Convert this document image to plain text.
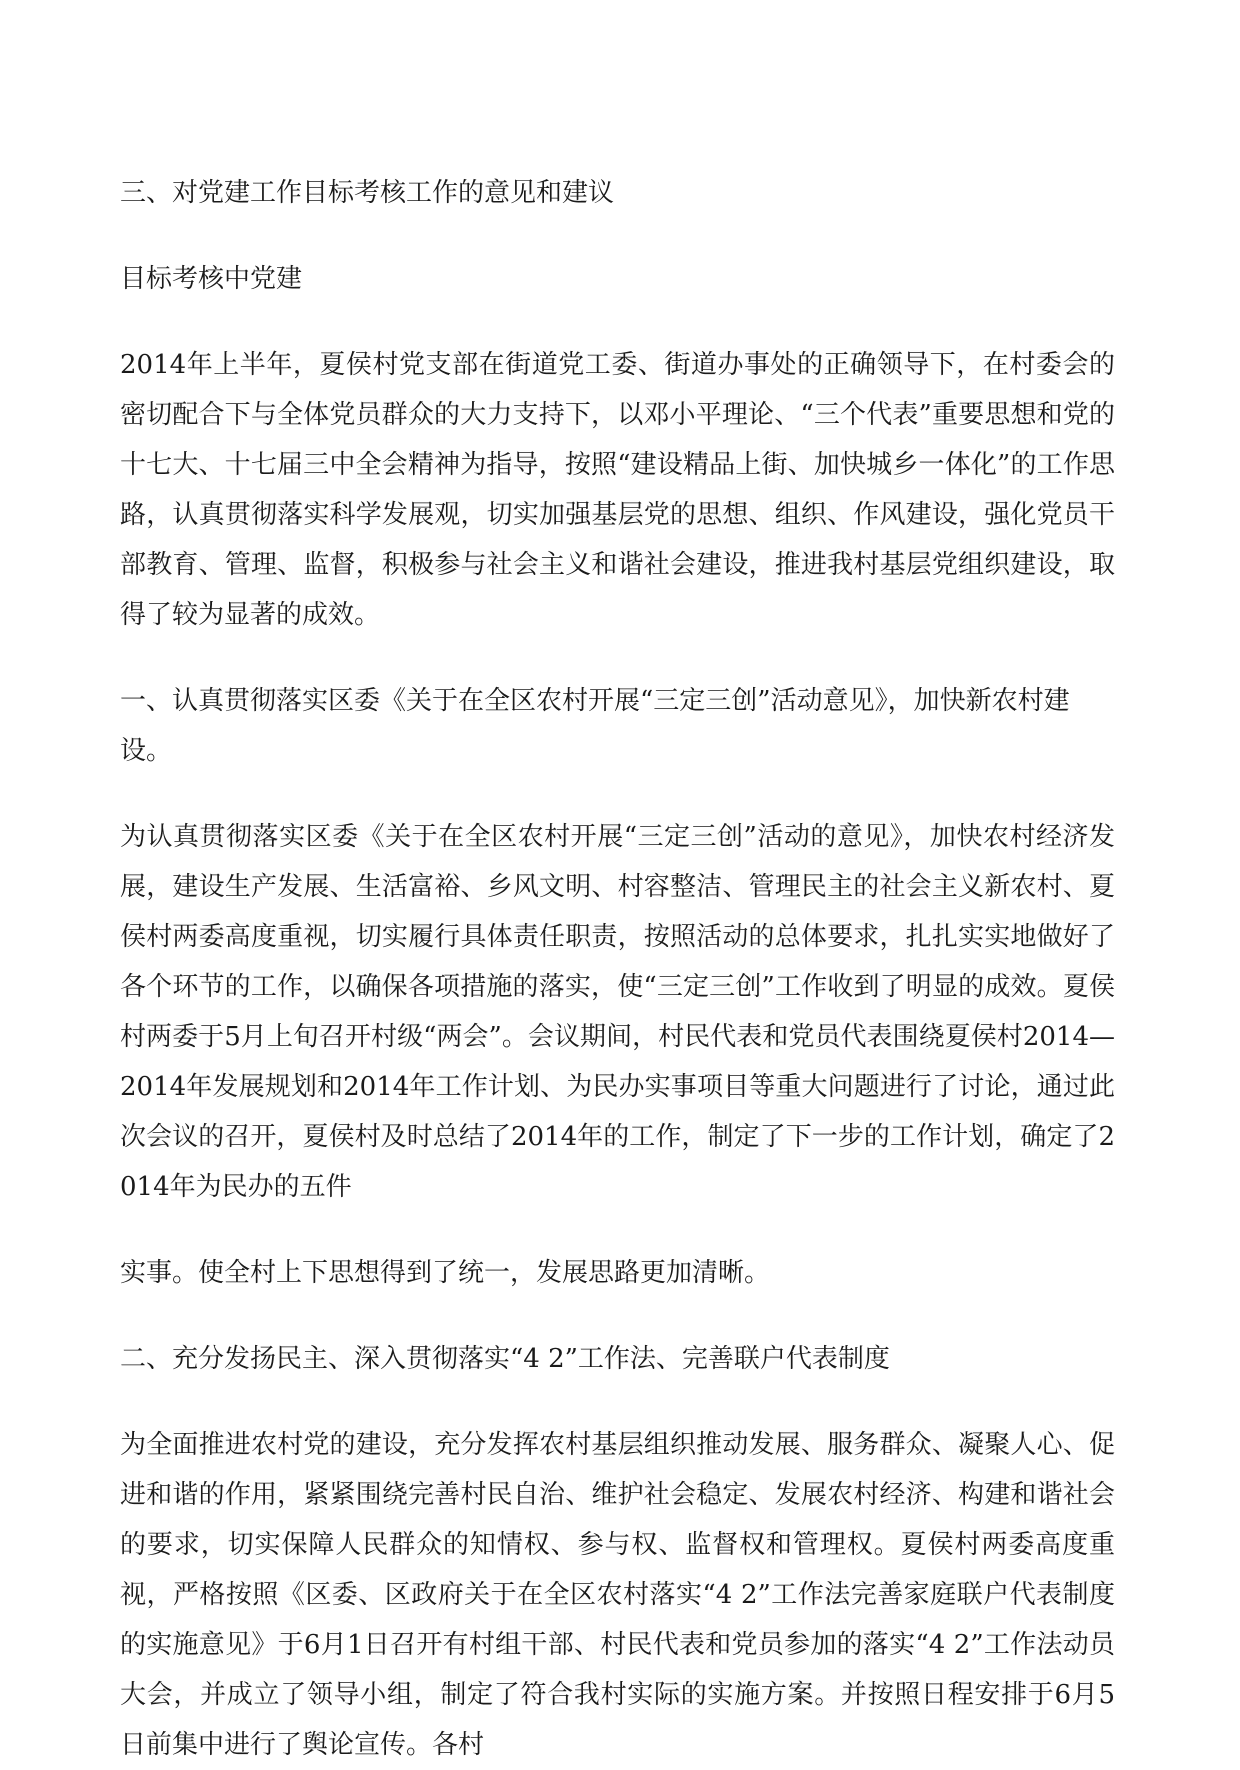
三、对党建工作目标考核工作的意见和建议

目标考核中党建

2014年上半年，夏侯村党支部在街道党工委、街道办事处的正确领导下，在村委会的密切配合下与全体党员群众的大力支持下，以邓小平理论、“三个代表”重要思想和党的十七大、十七届三中全会精神为指导，按照“建设精品上街、加快城乡一体化”的工作思路，认真贯彻落实科学发展观，切实加强基层党的思想、组织、作风建设，强化党员干部教育、管理、监督，积极参与社会主义和谐社会建设，推进我村基层党组织建设，取得了较为显著的成效。

一、认真贯彻落实区委《关于在全区农村开展“三定三创”活动意见》，加快新农村建设。

为认真贯彻落实区委《关于在全区农村开展“三定三创”活动的意见》，加快农村经济发展，建设生产发展、生活富裕、乡风文明、村容整洁、管理民主的社会主义新农村、夏侯村两委高度重视，切实履行具体责任职责，按照活动的总体要求，扎扎实实地做好了各个环节的工作，以确保各项措施的落实，使“三定三创”工作收到了明显的成效。夏侯村两委于5月上旬召开村级“两会”。会议期间，村民代表和党员代表围绕夏侯村2014—2014年发展规划和2014年工作计划、为民办实事项目等重大问题进行了讨论，通过此次会议的召开，夏侯村及时总结了2014年的工作，制定了下一步的工作计划，确定了2014年为民办的五件

实事。使全村上下思想得到了统一，发展思路更加清晰。

二、充分发扬民主、深入贯彻落实“4 2”工作法、完善联户代表制度

为全面推进农村党的建设，充分发挥农村基层组织推动发展、服务群众、凝聚人心、促进和谐的作用，紧紧围绕完善村民自治、维护社会稳定、发展农村经济、构建和谐社会的要求，切实保障人民群众的知情权、参与权、监督权和管理权。夏侯村两委高度重视，严格按照《区委、区政府关于在全区农村落实“4 2”工作法完善家庭联户代表制度的实施意见》于6月1日召开有村组干部、村民代表和党员参加的落实“4 2”工作法动员大会，并成立了领导小组，制定了符合我村实际的实施方案。并按照日程安排于6月5日前集中进行了舆论宣传。各村
